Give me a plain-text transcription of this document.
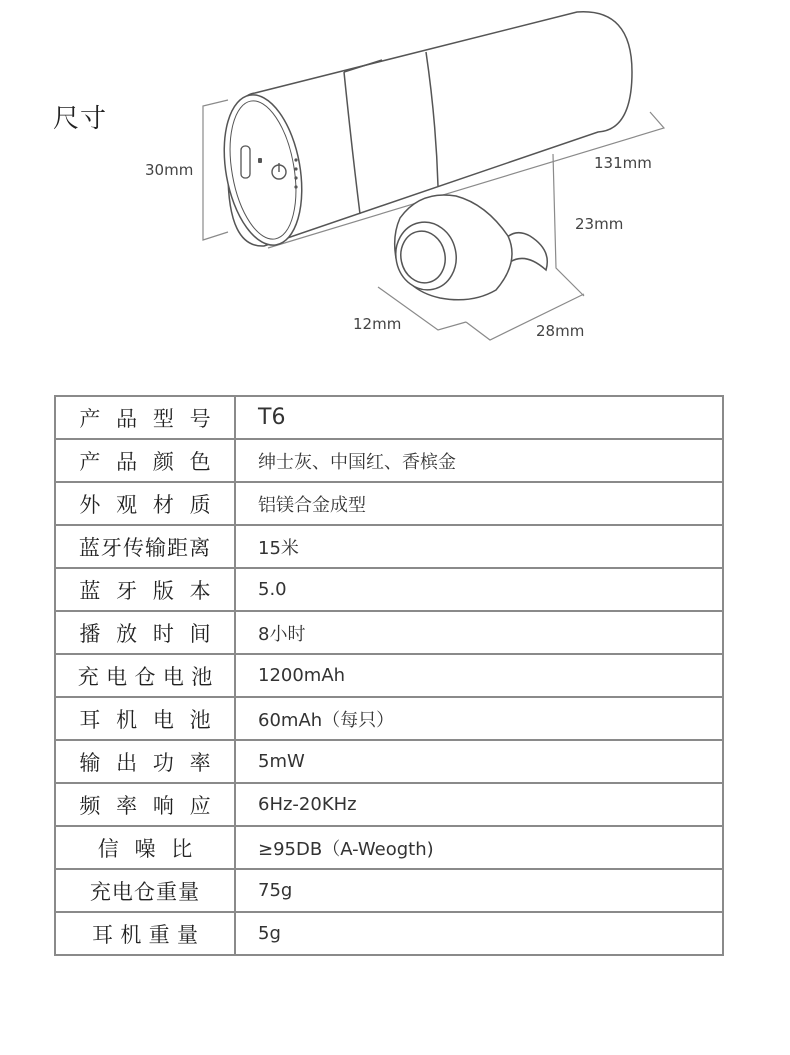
尺寸
30mm	131mm
23mm
12mm	28mm
产品型号	T6
产品颜色	绅士灰、中国红、香槟金
外观材质	铝镁合金成型
蓝牙传输距离	15米
蓝牙版本	5.0
播放时间	8小时
充电仓电池	1200mAh
耳机电池	60mAh（每只）
输出功率	5mW
频率响应	6Hz-20KHz
信噪比	≥95DB（A-Weogth)
充电仓重量	75g
耳机重量	5g
